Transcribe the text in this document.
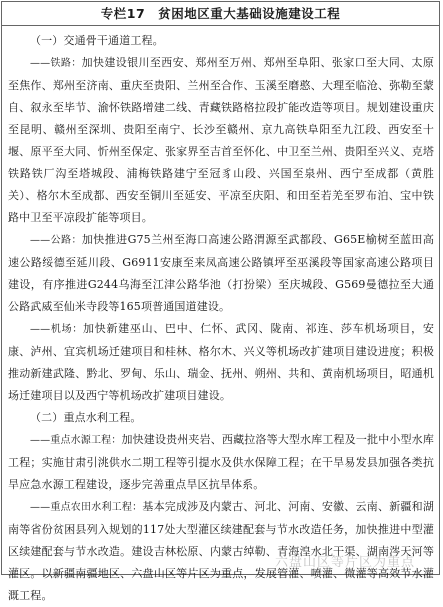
专栏17　贫困地区重大基础设施建设工程

（一）交通骨干通道工程。

——铁路：加快建设银川至西安、郑州至万州、郑州至阜阳、张家口至大同、太原至焦作、郑州至济南、重庆至贵阳、兰州至合作、玉溪至磨憨、大理至临沧、弥勒至蒙自、叙永至毕节、渝怀铁路增建二线、青藏铁路格拉段扩能改造等项目。规划建设重庆至昆明、赣州至深圳、贵阳至南宁、长沙至赣州、京九高铁阜阳至九江段、西安至十堰、原平至大同、忻州至保定、张家界至吉首至怀化、中卫至兰州、贵阳至兴义、克塔铁路铁厂沟至塔城段、浦梅铁路建宁至冠豸山段、兴国至泉州、西宁至成都（黄胜关）、格尔木至成都、西安至铜川至延安、平凉至庆阳、和田至若羌至罗布泊、宝中铁路中卫至平凉段扩能等项目。

——公路：加快推进G75兰州至海口高速公路渭源至武都段、G65E榆树至蓝田高速公路绥德至延川段、G6911安康至来凤高速公路镇坪至巫溪段等国家高速公路项目建设，有序推进G244乌海至江津公路华池（打扮梁）至庆城段、G569曼德拉至大通公路武威至仙米寺段等165项普通国道建设。

——机场：加快新建巫山、巴中、仁怀、武冈、陇南、祁连、莎车机场项目，安康、泸州、宜宾机场迁建项目和桂林、格尔木、兴义等机场改扩建项目建设进度；积极推动新建武隆、黔北、罗甸、乐山、瑞金、抚州、朔州、共和、黄南机场项目，昭通机场迁建项目以及西宁等机场改扩建项目建设。

（二）重点水利工程。

——重点水源工程：加快建设贵州夹岩、西藏拉洛等大型水库工程及一批中小型水库工程；实施甘肃引洮供水二期工程等引提水及供水保障工程；在干旱易发县加强各类抗旱应急水源工程建设，逐步完善重点旱区抗旱体系。

——重点农田水利工程：基本完成涉及内蒙古、河北、河南、安徽、云南、新疆和湖南等省份贫困县列入规划的117处大型灌区续建配套与节水改造任务，加快推进中型灌区续建配套与节水改造。建设吉林松原、内蒙古绰勒、青海湟水北干渠、湖南涔天河等灌区。以新疆南疆地区、六盘山区等片区为重点，发展管灌、喷灌、微灌等高效节水灌溉工程。	六盘山区等片区为重点
